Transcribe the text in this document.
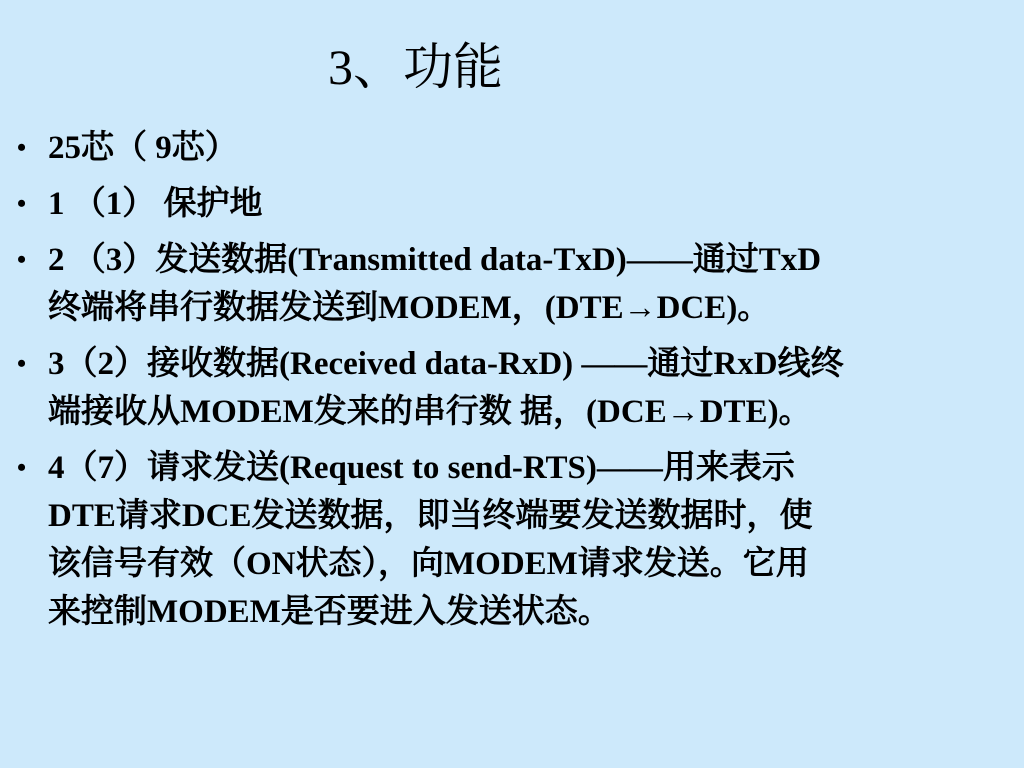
3、功能
• 25芯（ 9芯）
• 1 （1） 保护地
• 2 （3）发送数据(Transmitted data-TxD)——通过TxD
终端将串行数据发送到MODEM，(DTE→DCE)。
• 3（2）接收数据(Received data-RxD) ——通过RxD线终
端接收从MODEM发来的串行数 据，(DCE→DTE)。
• 4（7）请求发送(Request to send-RTS)——用来表示
DTE请求DCE发送数据，即当终端要发送数据时，使
该信号有效（ON状态），向MODEM请求发送。它用
来控制MODEM是否要进入发送状态。
